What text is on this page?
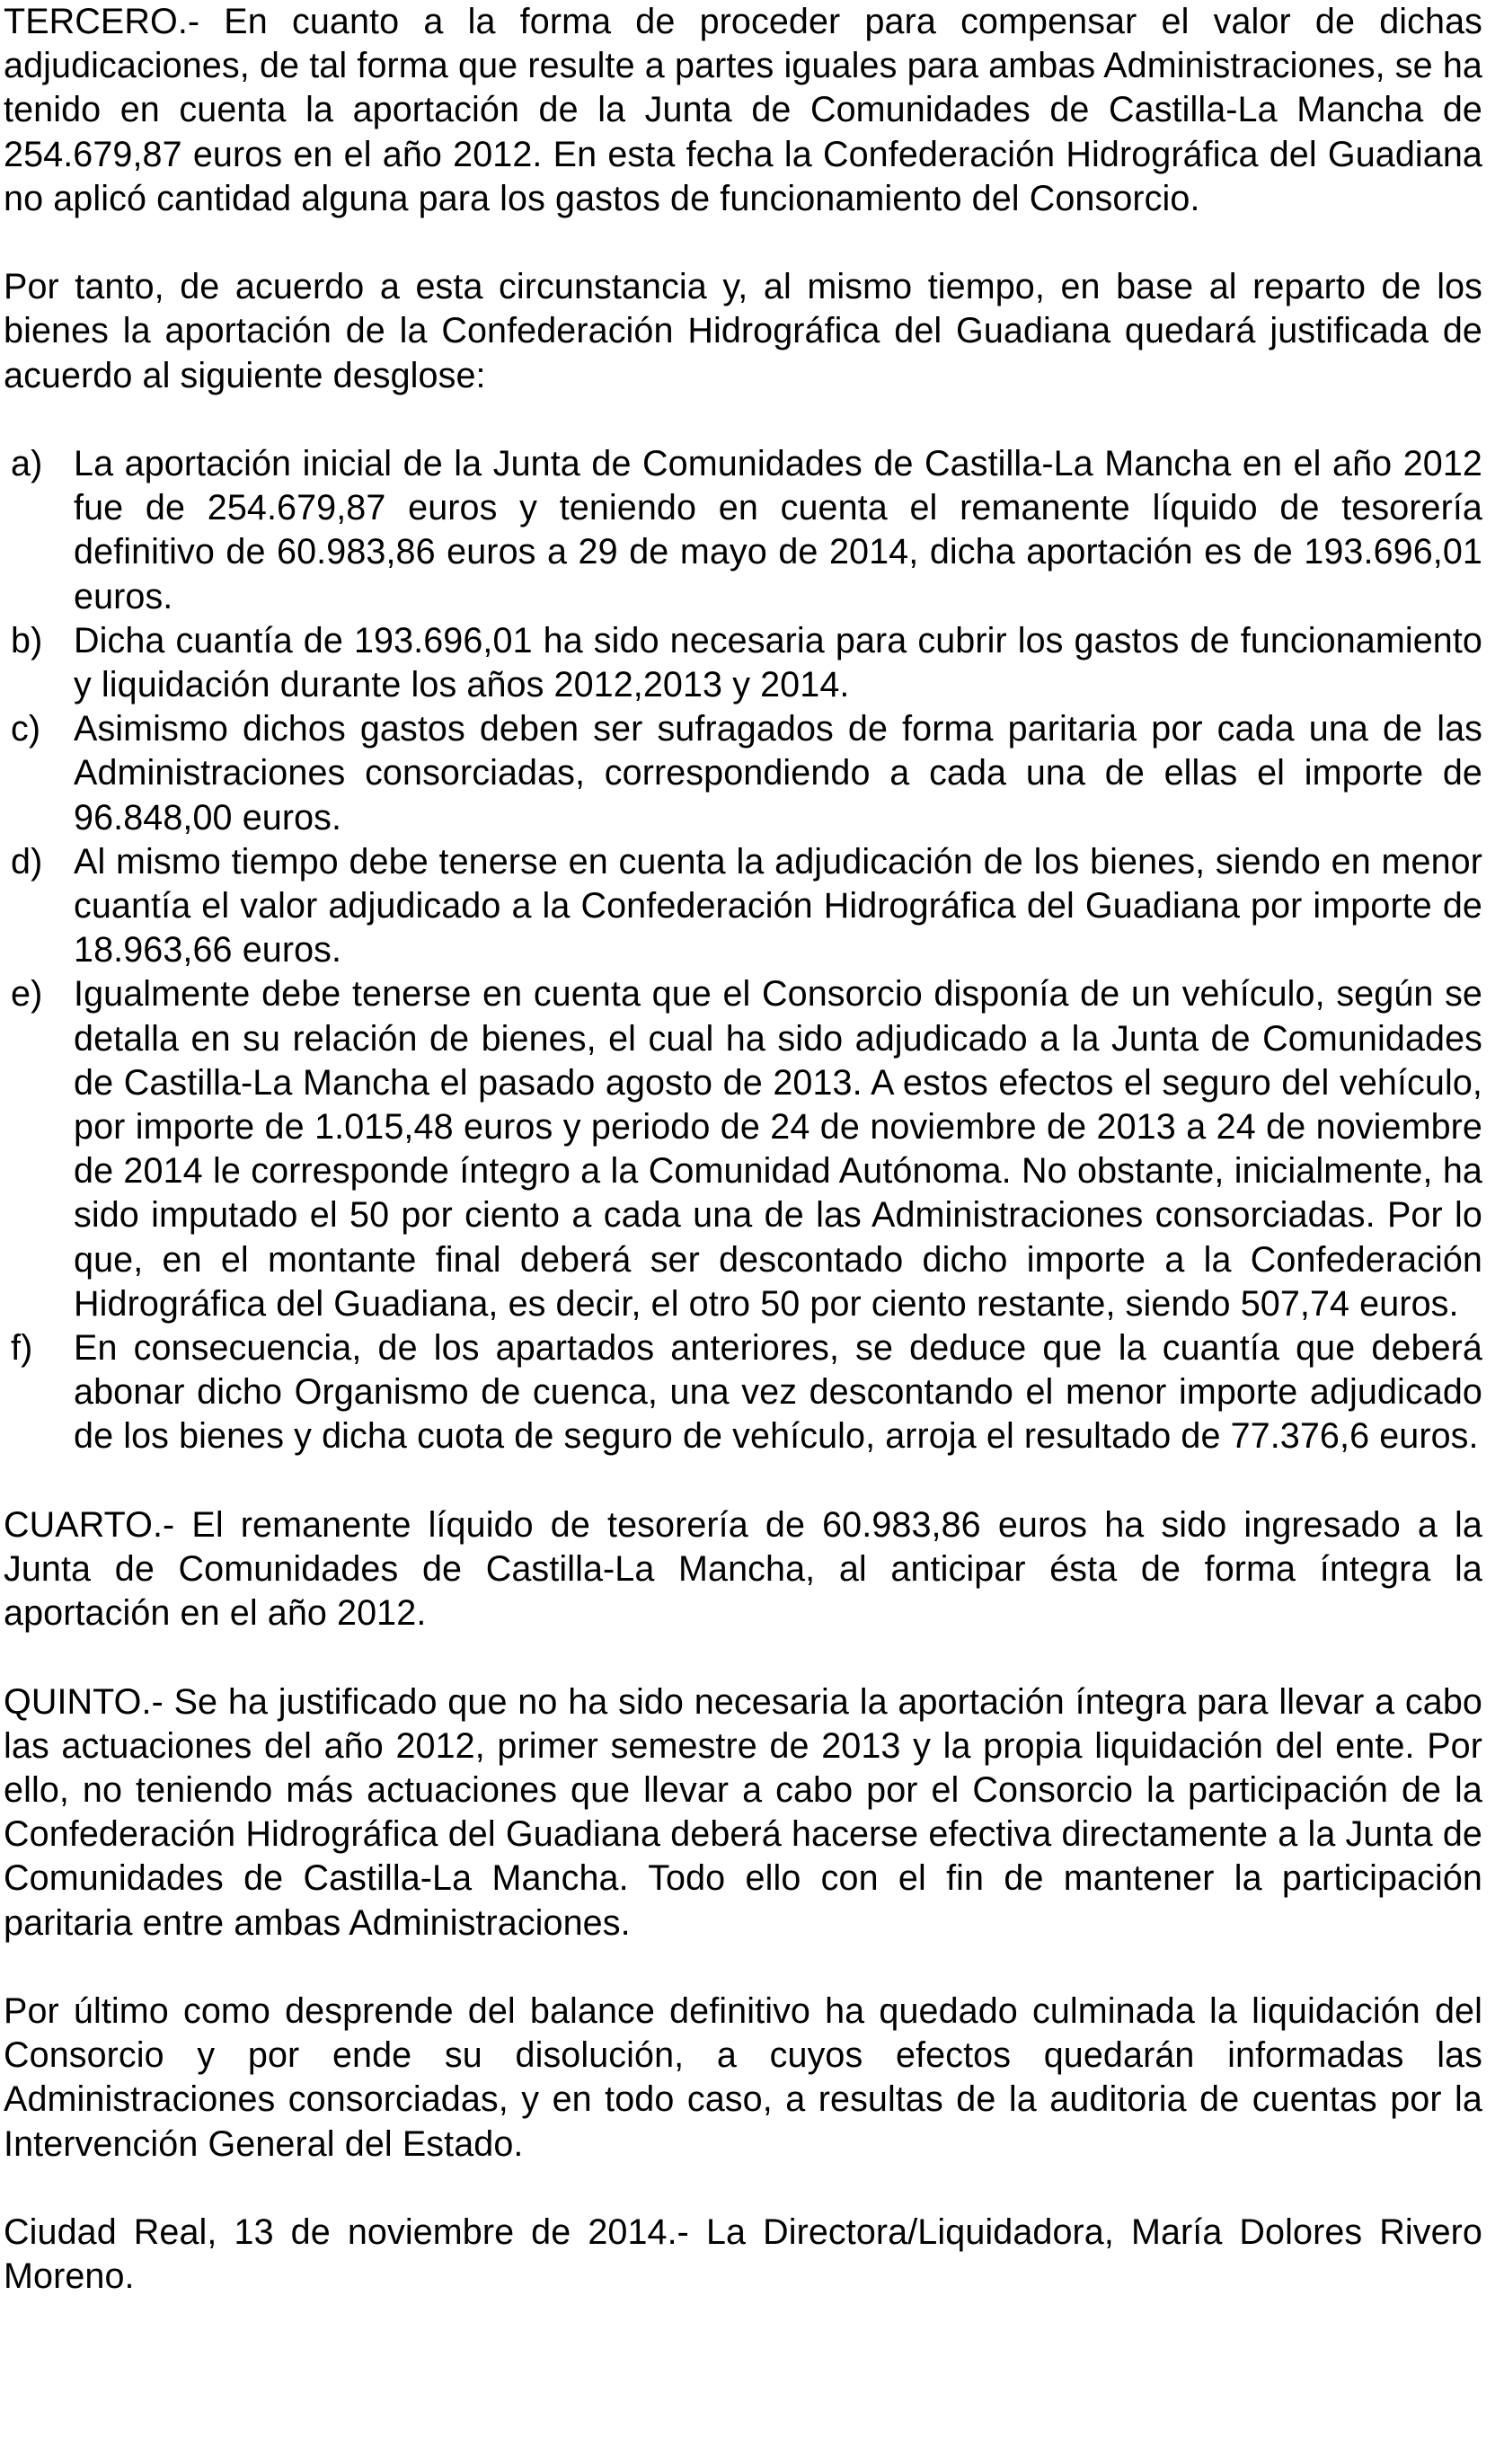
TERCERO.- En cuanto a la forma de proceder para compensar el valor de dichas adjudicaciones, de tal forma que resulte a partes iguales para ambas Administraciones, se ha tenido en cuenta la aportación de la Junta de Comunidades de Castilla-La Mancha de 254.679,87 euros en el año 2012. En esta fecha la Confederación Hidrográfica del Guadiana no aplicó cantidad alguna para los gastos de funcionamiento del Consorcio.

Por tanto, de acuerdo a esta circunstancia y, al mismo tiempo, en base al reparto de los bienes la aportación de la Confederación Hidrográfica del Guadiana quedará justificada de acuerdo al siguiente desglose:

a) La aportación inicial de la Junta de Comunidades de Castilla-La Mancha en el año 2012 fue de 254.679,87 euros y teniendo en cuenta el remanente líquido de tesorería definitivo de 60.983,86 euros a 29 de mayo de 2014, dicha aportación es de 193.696,01 euros.
b) Dicha cuantía de 193.696,01 ha sido necesaria para cubrir los gastos de funcionamiento y liquidación durante los años 2012,2013 y 2014.
c) Asimismo dichos gastos deben ser sufragados de forma paritaria por cada una de las Administraciones consorciadas, correspondiendo a cada una de ellas el importe de 96.848,00 euros.
d) Al mismo tiempo debe tenerse en cuenta la adjudicación de los bienes, siendo en menor cuantía el valor adjudicado a la Confederación Hidrográfica del Guadiana por importe de 18.963,66 euros.
e) Igualmente debe tenerse en cuenta que el Consorcio disponía de un vehículo, según se detalla en su relación de bienes, el cual ha sido adjudicado a la Junta de Comunidades de Castilla-La Mancha el pasado agosto de 2013. A estos efectos el seguro del vehículo, por importe de 1.015,48 euros y periodo de 24 de noviembre de 2013 a 24 de noviembre de 2014 le corresponde íntegro a la Comunidad Autónoma. No obstante, inicialmente, ha sido imputado el 50 por ciento a cada una de las Administraciones consorciadas. Por lo que, en el montante final deberá ser descontado dicho importe a la Confederación Hidrográfica del Guadiana, es decir, el otro 50 por ciento restante, siendo 507,74 euros.
f) En consecuencia, de los apartados anteriores, se deduce que la cuantía que deberá abonar dicho Organismo de cuenca, una vez descontando el menor importe adjudicado de los bienes y dicha cuota de seguro de vehículo, arroja el resultado de 77.376,6 euros.

CUARTO.- El remanente líquido de tesorería de 60.983,86 euros ha sido ingresado a la Junta de Comunidades de Castilla-La Mancha, al anticipar ésta de forma íntegra la aportación en el año 2012.

QUINTO.- Se ha justificado que no ha sido necesaria la aportación íntegra para llevar a cabo las actuaciones del año 2012, primer semestre de 2013 y la propia liquidación del ente. Por ello, no teniendo más actuaciones que llevar a cabo por el Consorcio la participación de la Confederación Hidrográfica del Guadiana deberá hacerse efectiva directamente a la Junta de Comunidades de Castilla-La Mancha. Todo ello con el fin de mantener la participación paritaria entre ambas Administraciones.

Por último como desprende del balance definitivo ha quedado culminada la liquidación del Consorcio y por ende su disolución, a cuyos efectos quedarán informadas las Administraciones consorciadas, y en todo caso, a resultas de la auditoria de cuentas por la Intervención General del Estado.

Ciudad Real, 13 de noviembre de 2014.- La Directora/Liquidadora, María Dolores Rivero Moreno.
